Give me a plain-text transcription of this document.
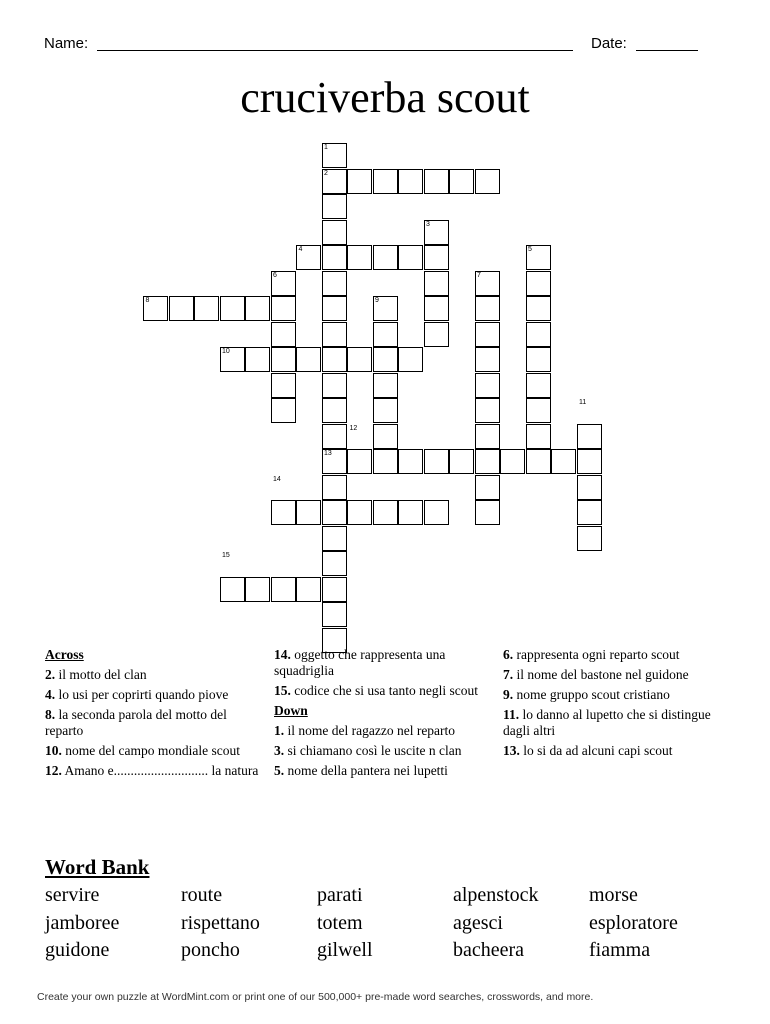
Name:	Date:
cruciverba scout
1
2
3
4	5
6	7
8	9
10
11
12
13
14
15
Across
2. il motto del clan
4. lo usi per coprirti quando piove
8. la seconda parola del motto del reparto
10. nome del campo mondiale scout
12. Amano e............................ la natura
14. oggetto che rappresenta una squadriglia
15. codice che si usa tanto negli scout
Down
1. il nome del ragazzo nel reparto
3. si chiamano così le uscite n clan
5. nome della pantera nei lupetti
6. rappresenta ogni reparto scout
7. il nome del bastone nel guidone
9. nome gruppo scout cristiano
11. lo danno al lupetto che si distingue dagli altri
13. lo si da ad alcuni capi scout
Word Bank
servire	route	parati	alpenstock	morse
jamboree	rispettano	totem	agesci	esploratore
guidone	poncho	gilwell	bacheera	fiamma
Create your own puzzle at WordMint.com or print one of our 500,000+ pre-made word searches, crosswords, and more.
